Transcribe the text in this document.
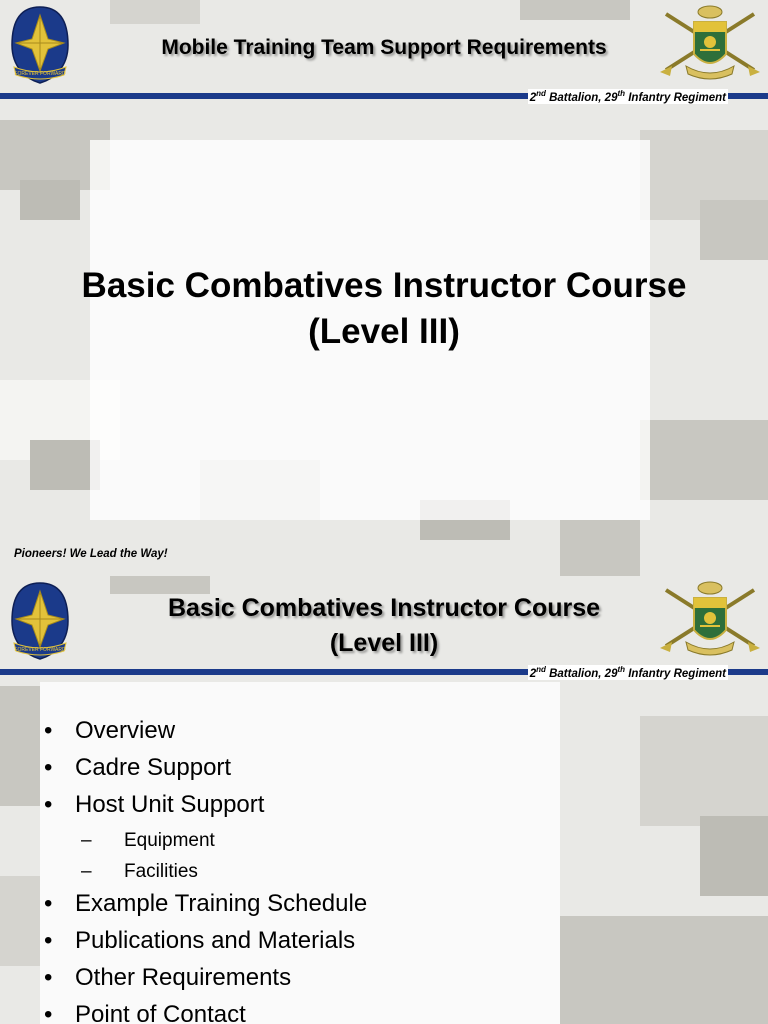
Mobile Training Team Support Requirements
2nd Battalion, 29th Infantry Regiment
FOREVER FORWARD
Basic Combatives Instructor Course
(Level III)
Pioneers! We Lead the Way!
Basic Combatives Instructor Course
(Level III)
2nd Battalion, 29th Infantry Regiment
FOREVER FORWARD
• Overview
• Cadre Support
• Host Unit Support
– Equipment
– Facilities
• Example Training Schedule
• Publications and Materials
• Other Requirements
• Point of Contact
